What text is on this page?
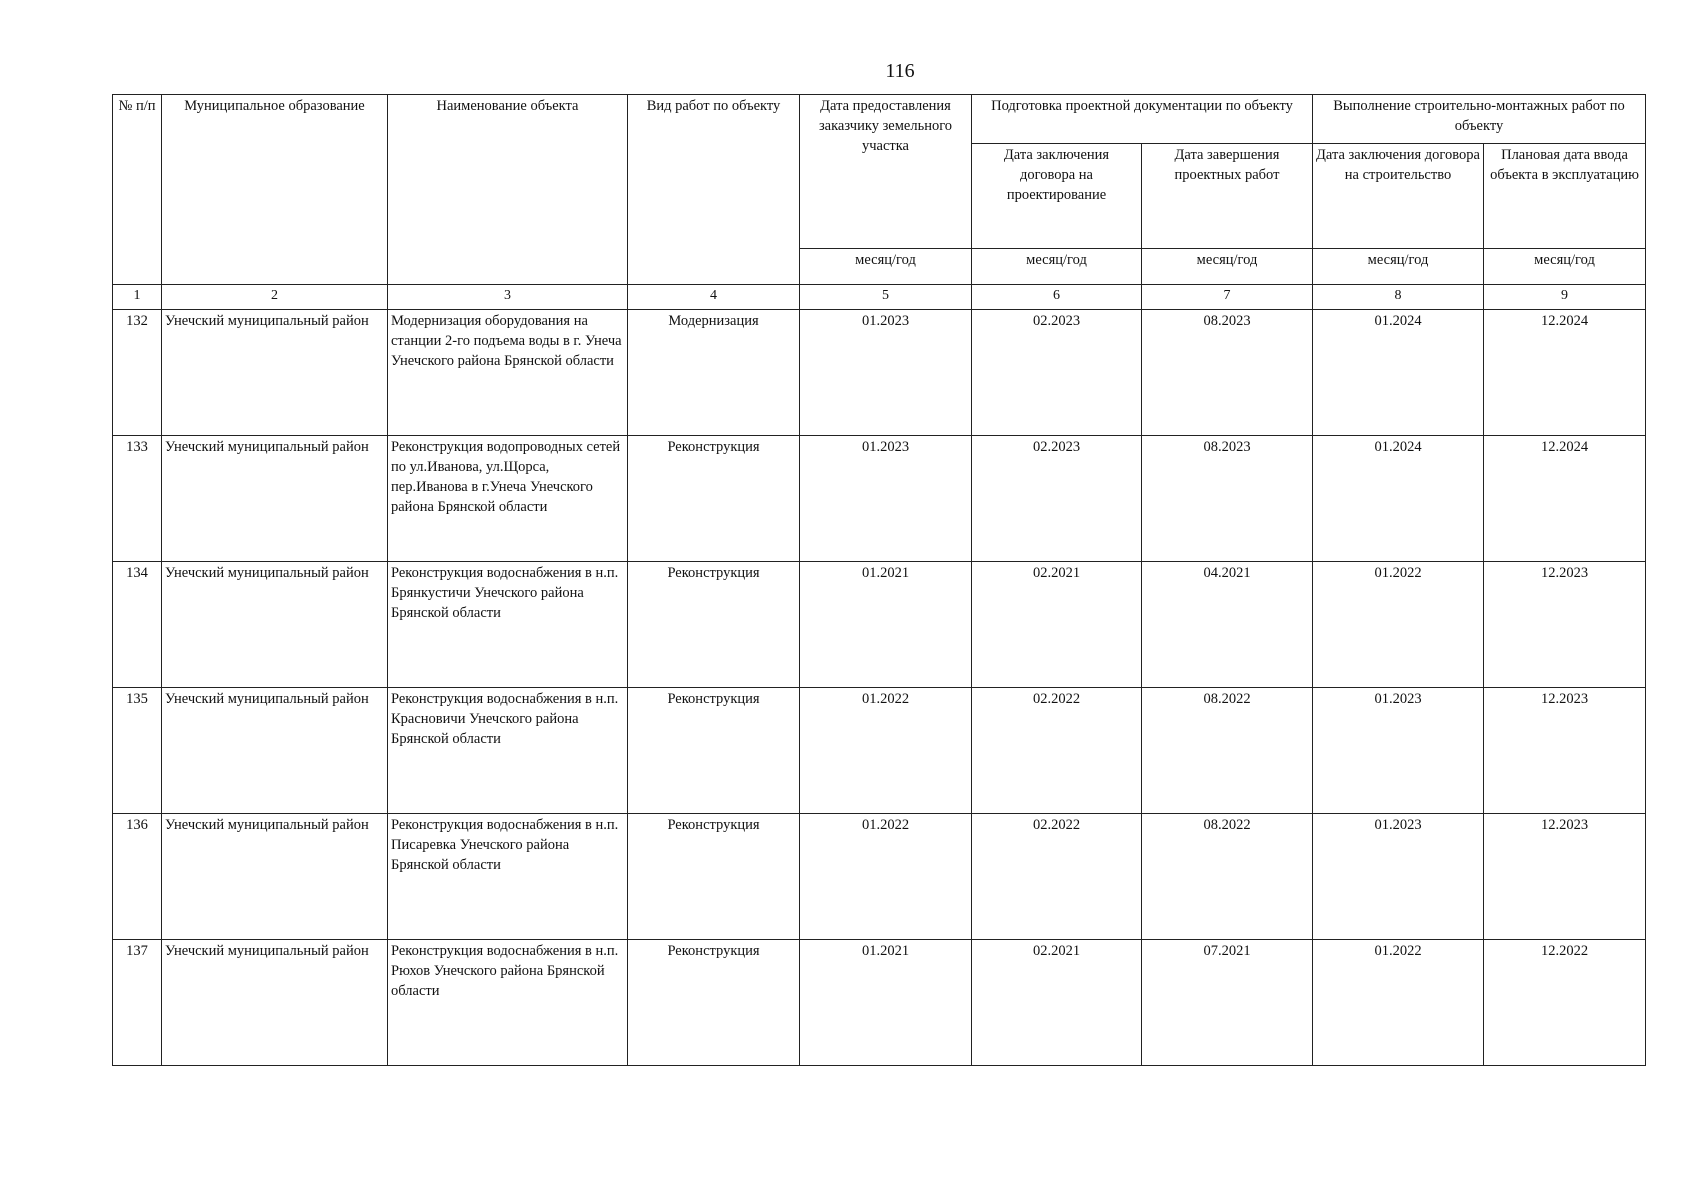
116
№ п/п	Муниципальное образование	Наименование объекта	Вид работ по объекту	Дата предоставления заказчику земельного участка	Подготовка проектной документации по объекту		Выполнение строительно-монтажных работ по объекту	
					Дата заключения договора на проектирование	Дата завершения проектных работ	Дата заключения договора на строительство	Плановая дата ввода объекта в эксплуатацию
				месяц/год	месяц/год	месяц/год	месяц/год	месяц/год
1	2	3	4	5	6	7	8	9
132	Унечский муниципальный район	Модернизация оборудования на станции 2-го подъема воды в г. Унеча Унечского района Брянской области	Модернизация	01.2023	02.2023	08.2023	01.2024	12.2024
133	Унечский муниципальный район	Реконструкция водопроводных сетей по ул.Иванова, ул.Щорса, пер.Иванова в г.Унеча Унечского района Брянской области	Реконструкция	01.2023	02.2023	08.2023	01.2024	12.2024
134	Унечский муниципальный район	Реконструкция водоснабжения в н.п. Брянкустичи Унечского района Брянской области	Реконструкция	01.2021	02.2021	04.2021	01.2022	12.2023
135	Унечский муниципальный район	Реконструкция водоснабжения в н.п. Красновичи Унечского района Брянской области	Реконструкция	01.2022	02.2022	08.2022	01.2023	12.2023
136	Унечский муниципальный район	Реконструкция водоснабжения в н.п. Писаревка Унечского района Брянской области	Реконструкция	01.2022	02.2022	08.2022	01.2023	12.2023
137	Унечский муниципальный район	Реконструкция водоснабжения в н.п. Рюхов Унечского района Брянской области	Реконструкция	01.2021	02.2021	07.2021	01.2022	12.2022
